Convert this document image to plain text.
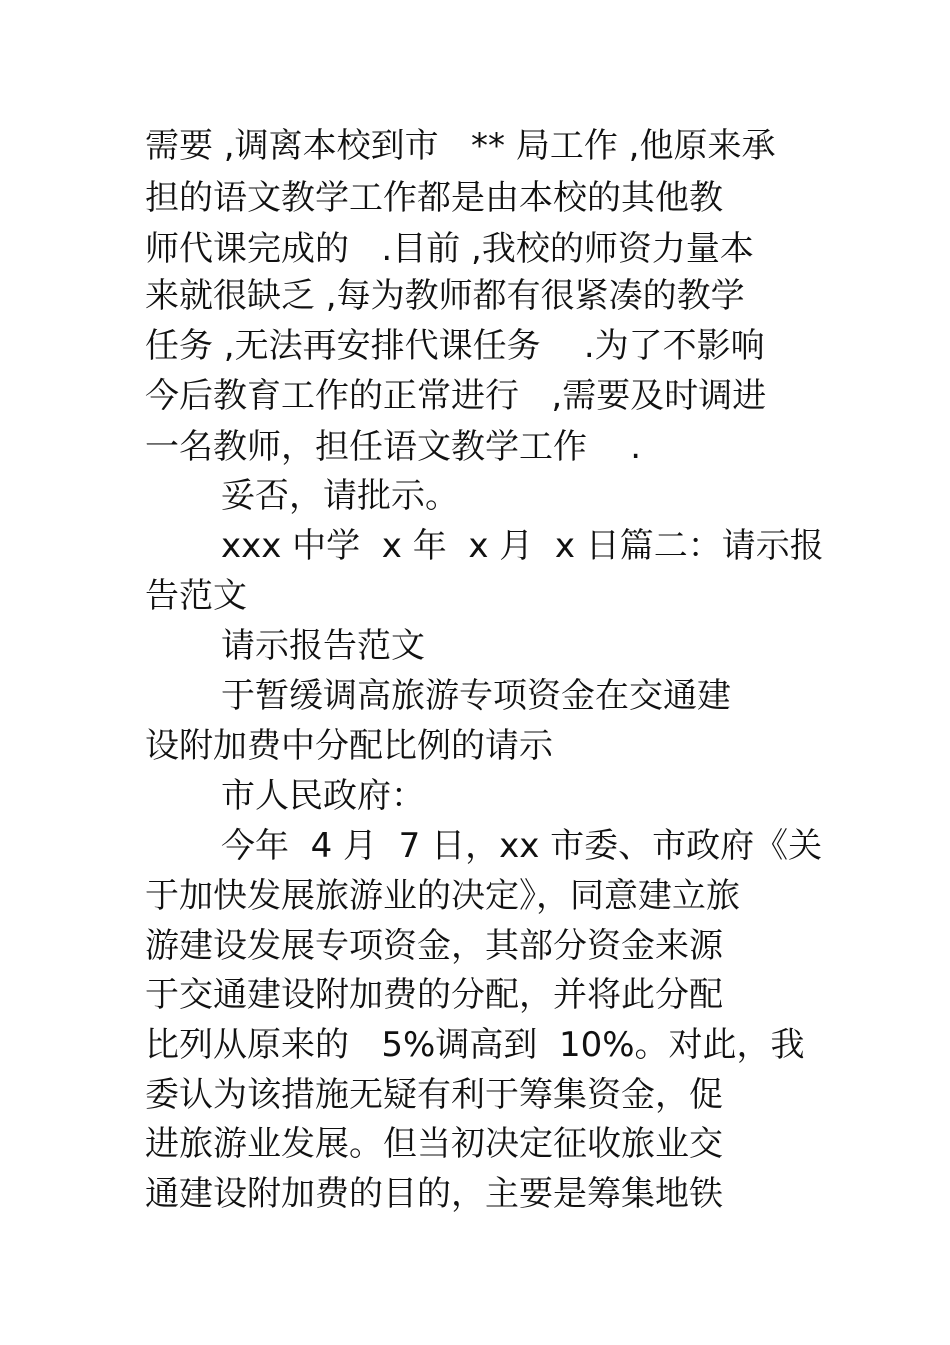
需要 ,调离本校到市   ** 局工作 ,他原来承
担的语文教学工作都是由本校的其他教
师代课完成的   .目前 ,我校的师资力量本
来就很缺乏 ,每为教师都有很紧凑的教学
任务 ,无法再安排代课任务    .为了不影响
今后教育工作的正常进行   ,需要及时调进
一名教师，担任语文教学工作    .
妥否，请批示。
xxx 中学  x 年  x 月  x 日篇二：请示报
告范文
请示报告范文
于暂缓调高旅游专项资金在交通建
设附加费中分配比例的请示
市人民政府：
今年  4 月  7 日，xx 市委、市政府《关
于加快发展旅游业的决定》，同意建立旅
游建设发展专项资金，其部分资金来源
于交通建设附加费的分配，并将此分配
比列从原来的   5%调高到  10%。对此，我
委认为该措施无疑有利于筹集资金，促
进旅游业发展。但当初决定征收旅业交
通建设附加费的目的，主要是筹集地铁
